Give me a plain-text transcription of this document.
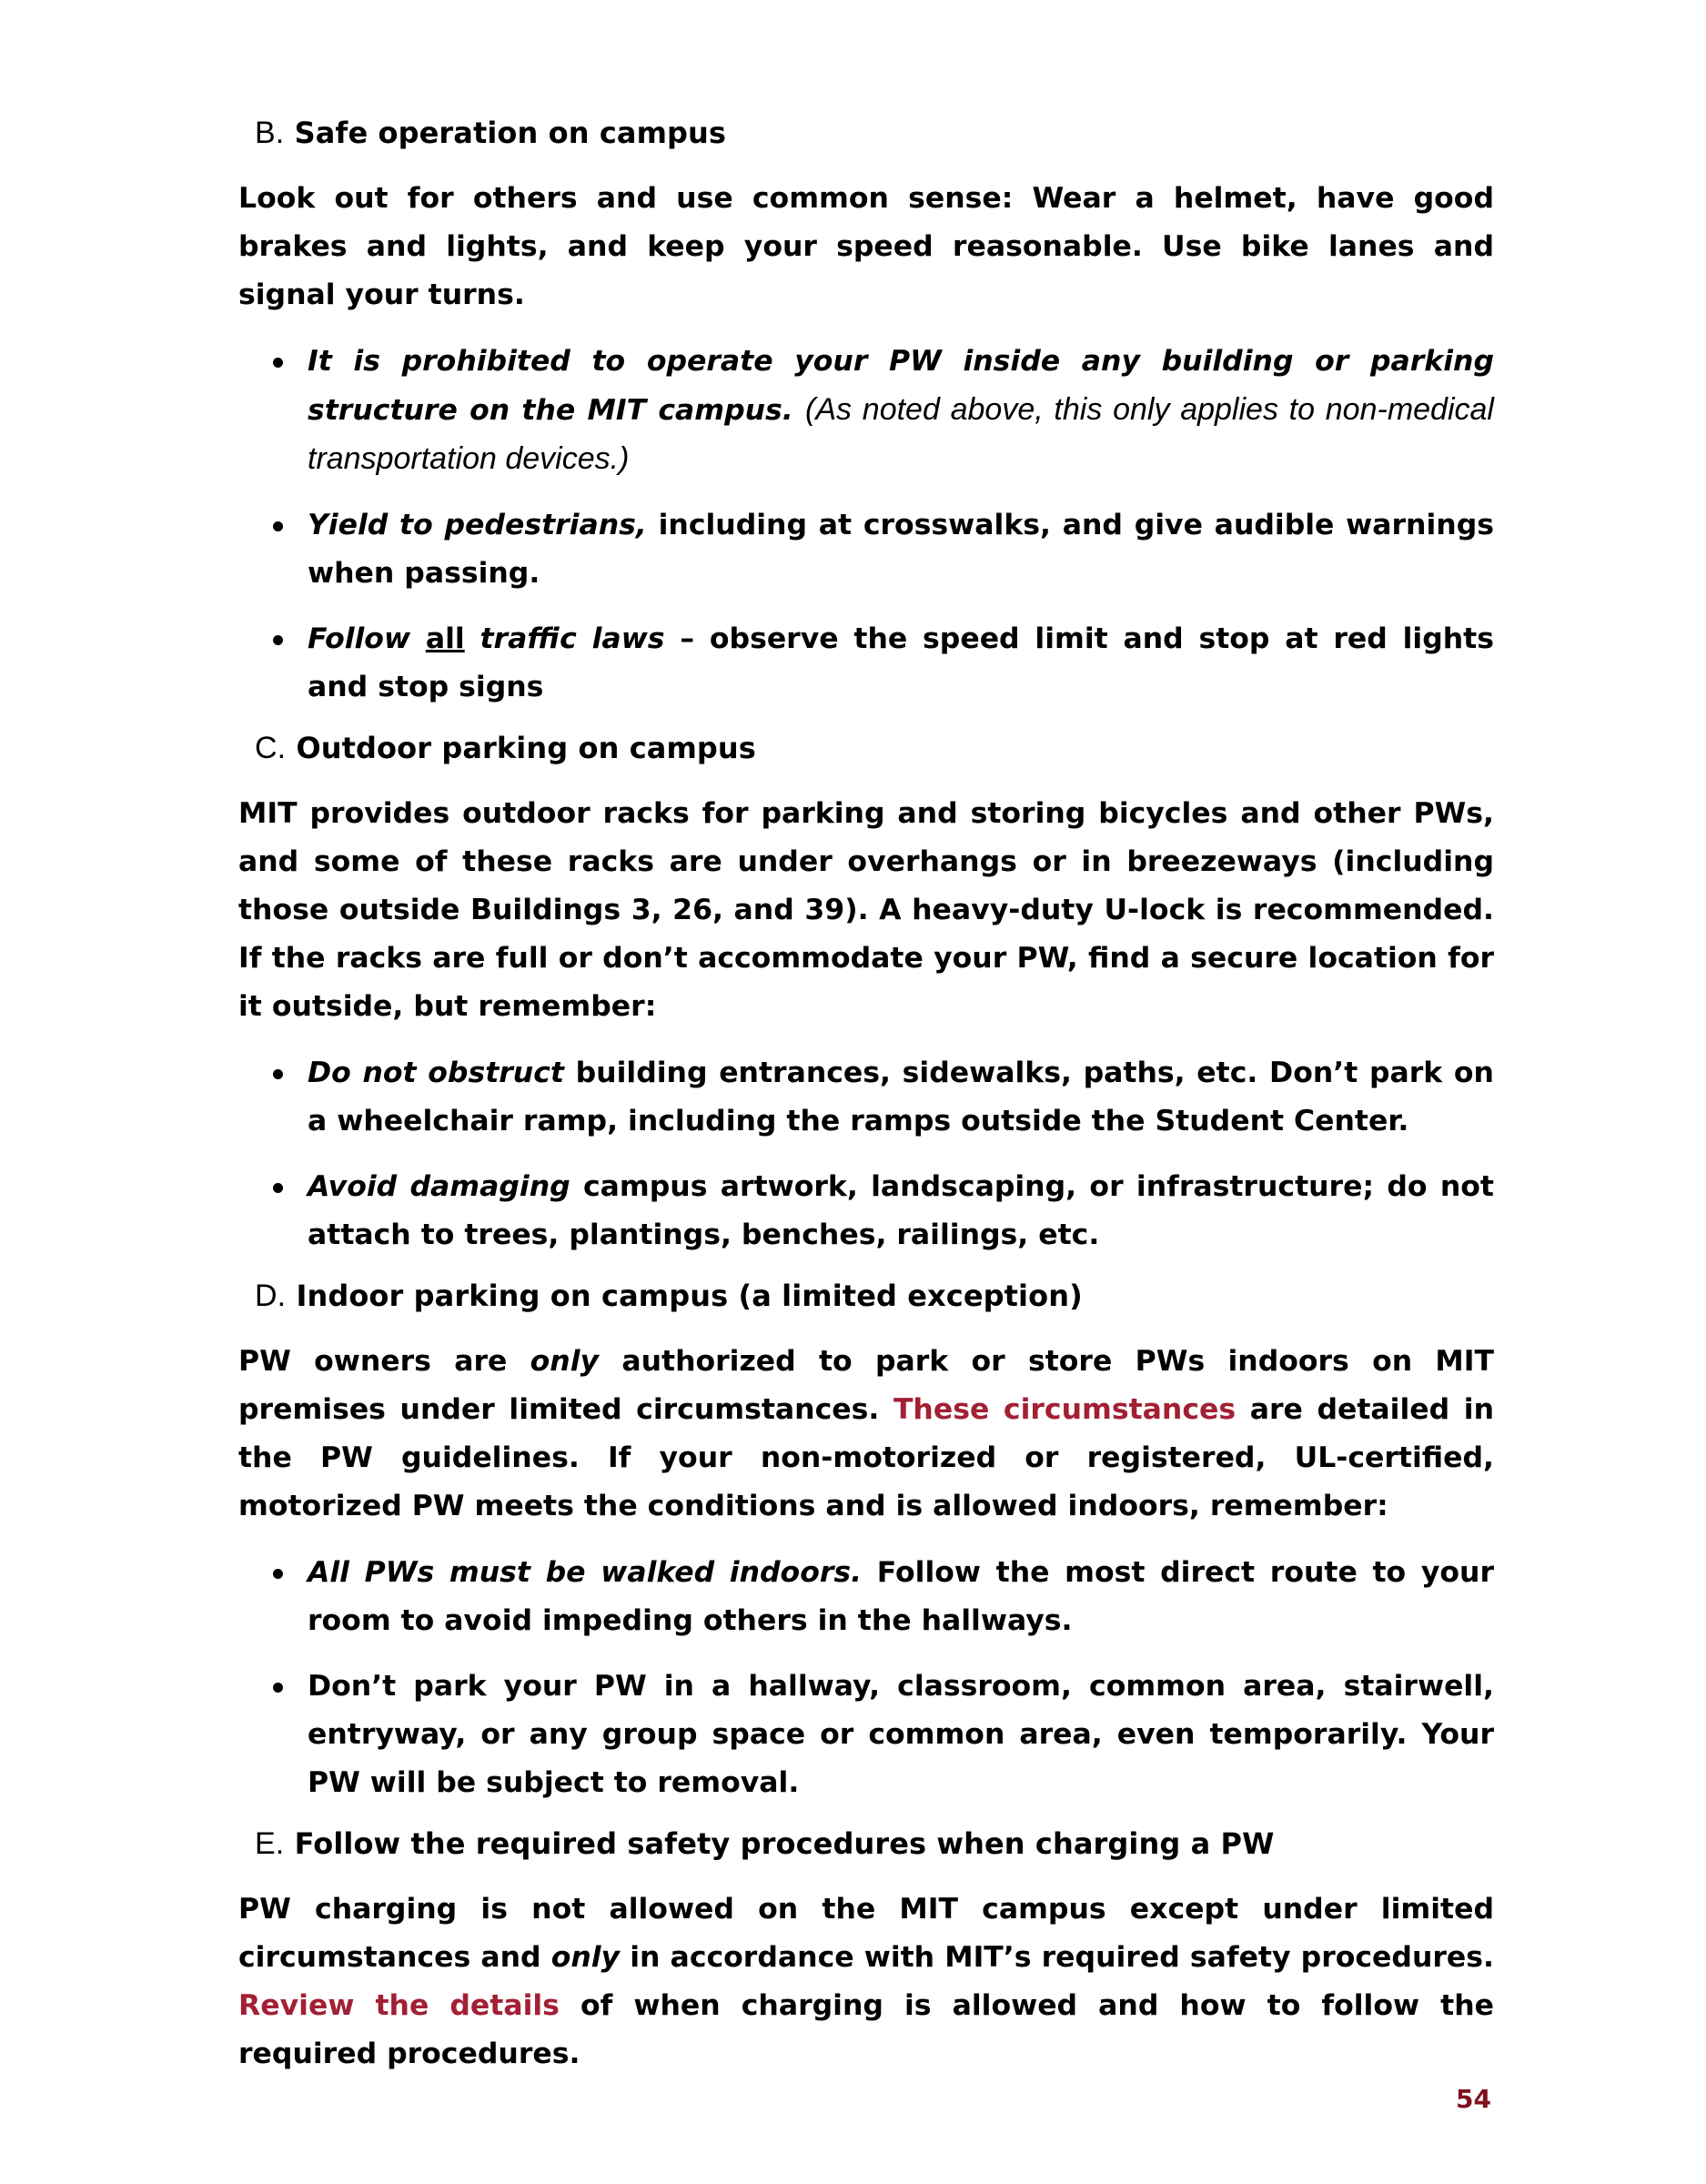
B. Safe operation on campus

Look out for others and use common sense: Wear a helmet, have good brakes and lights, and keep your speed reasonable. Use bike lanes and signal your turns.

It is prohibited to operate your PW inside any building or parking structure on the MIT campus. (As noted above, this only applies to non-medical transportation devices.)
Yield to pedestrians, including at crosswalks, and give audible warnings when passing.
Follow all traffic laws – observe the speed limit and stop at red lights and stop signs
C. Outdoor parking on campus

MIT provides outdoor racks for parking and storing bicycles and other PWs, and some of these racks are under overhangs or in breezeways (including those outside Buildings 3, 26, and 39). A heavy-duty U-lock is recommended. If the racks are full or don’t accommodate your PW, find a secure location for it outside, but remember:

Do not obstruct building entrances, sidewalks, paths, etc. Don’t park on a wheelchair ramp, including the ramps outside the Student Center.
Avoid damaging campus artwork, landscaping, or infrastructure; do not attach to trees, plantings, benches, railings, etc.
D. Indoor parking on campus (a limited exception)

PW owners are only authorized to park or store PWs indoors on MIT premises under limited circumstances. These circumstances are detailed in the PW guidelines. If your non-motorized or registered, UL-certified, motorized PW meets the conditions and is allowed indoors, remember:

All PWs must be walked indoors. Follow the most direct route to your room to avoid impeding others in the hallways.
Don’t park your PW in a hallway, classroom, common area, stairwell, entryway, or any group space or common area, even temporarily. Your PW will be subject to removal.
E. Follow the required safety procedures when charging a PW

PW charging is not allowed on the MIT campus except under limited circumstances and only in accordance with MIT’s required safety procedures. Review the details of when charging is allowed and how to follow the required procedures.

54
